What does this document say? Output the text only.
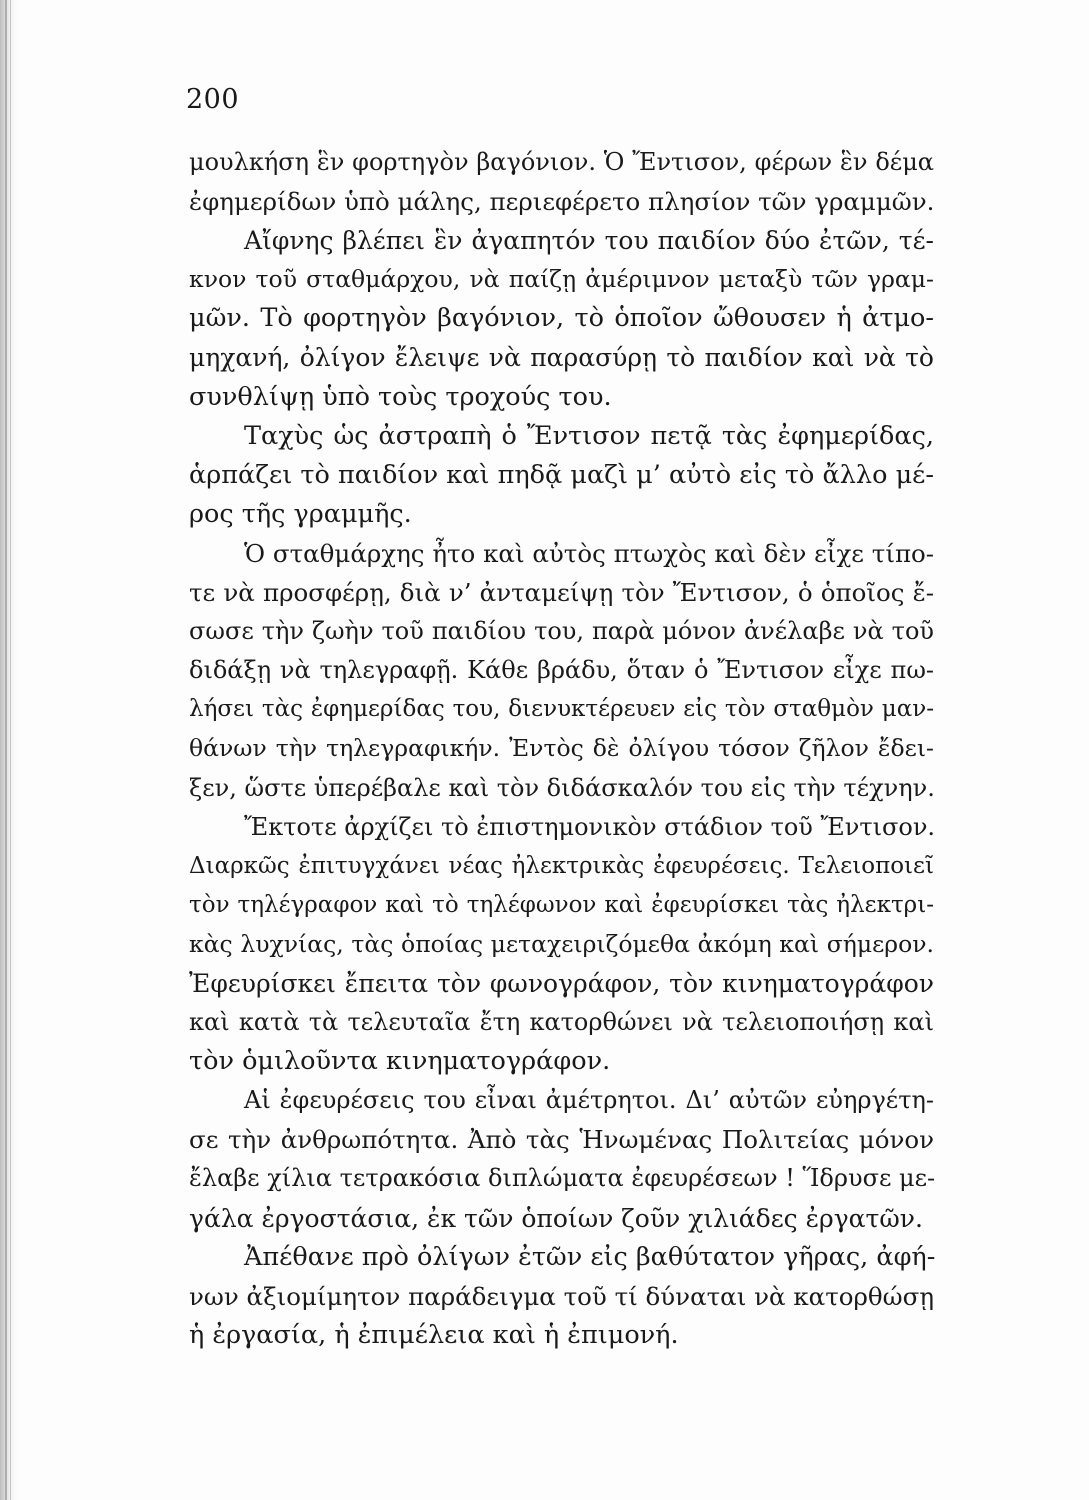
200
μουλκήση ἓν φορτηγὸν βαγόνιον. Ὁ Ἔντισον, φέρων ἓν δέμα
ἐφημερίδων ὑπὸ μάλης, περιεφέρετο πλησίον τῶν γραμμῶν.
Αἴφνης βλέπει ἓν ἀγαπητόν του παιδίον δύο ἐτῶν, τέ-
κνον τοῦ σταθμάρχου, νὰ παίζῃ ἀμέριμνον μεταξὺ τῶν γραμ-
μῶν. Τὸ φορτηγὸν βαγόνιον, τὸ ὁποῖον ὤθουσεν ἡ ἀτμο-
μηχανή, ὀλίγον ἔλειψε νὰ παρασύρῃ τὸ παιδίον καὶ νὰ τὸ
συνθλίψῃ ὑπὸ τοὺς τροχούς του.
Ταχὺς ὡς ἀστραπὴ ὁ Ἔντισον πετᾷ τὰς ἐφημερίδας,
ἁρπάζει τὸ παιδίον καὶ πηδᾷ μαζὶ μ’ αὐτὸ εἰς τὸ ἄλλο μέ-
ρος τῆς γραμμῆς.
Ὁ σταθμάρχης ἦτο καὶ αὐτὸς πτωχὸς καὶ δὲν εἶχε τίπο-
τε νὰ προσφέρῃ, διὰ ν’ ἀνταμείψῃ τὸν Ἔντισον, ὁ ὁποῖος ἔ-
σωσε τὴν ζωὴν τοῦ παιδίου του, παρὰ μόνον ἀνέλαβε νὰ τοῦ
διδάξῃ νὰ τηλεγραφῇ. Κάθε βράδυ, ὅταν ὁ Ἔντισον εἶχε πω-
λήσει τὰς ἐφημερίδας του, διενυκτέρευεν εἰς τὸν σταθμὸν μαν-
θάνων τὴν τηλεγραφικήν. Ἐντὸς δὲ ὀλίγου τόσον ζῆλον ἔδει-
ξεν, ὥστε ὑπερέβαλε καὶ τὸν διδάσκαλόν του εἰς τὴν τέχνην.
Ἔκτοτε ἀρχίζει τὸ ἐπιστημονικὸν στάδιον τοῦ Ἔντισον.
Διαρκῶς ἐπιτυγχάνει νέας ἠλεκτρικὰς ἐφευρέσεις. Τελειοποιεῖ
τὸν τηλέγραφον καὶ τὸ τηλέφωνον καὶ ἐφευρίσκει τὰς ἠλεκτρι-
κὰς λυχνίας, τὰς ὁποίας μεταχειριζόμεθα ἀκόμη καὶ σήμερον.
Ἐφευρίσκει ἔπειτα τὸν φωνογράφον, τὸν κινηματογράφον
καὶ κατὰ τὰ τελευταῖα ἔτη κατορθώνει νὰ τελειοποιήσῃ καὶ
τὸν ὁμιλοῦντα κινηματογράφον.
Αἱ ἐφευρέσεις του εἶναι ἀμέτρητοι. Δι’ αὐτῶν εὐηργέτη-
σε τὴν ἀνθρωπότητα. Ἀπὸ τὰς Ἡνωμένας Πολιτείας μόνον
ἔλαβε χίλια τετρακόσια διπλώματα ἐφευρέσεων ! Ἵδρυσε με-
γάλα ἐργοστάσια, ἐκ τῶν ὁποίων ζοῦν χιλιάδες ἐργατῶν.
Ἀπέθανε πρὸ ὀλίγων ἐτῶν εἰς βαθύτατον γῆρας, ἀφή-
νων ἀξιομίμητον παράδειγμα τοῦ τί δύναται νὰ κατορθώσῃ
ἡ ἐργασία, ἡ ἐπιμέλεια καὶ ἡ ἐπιμονή.
